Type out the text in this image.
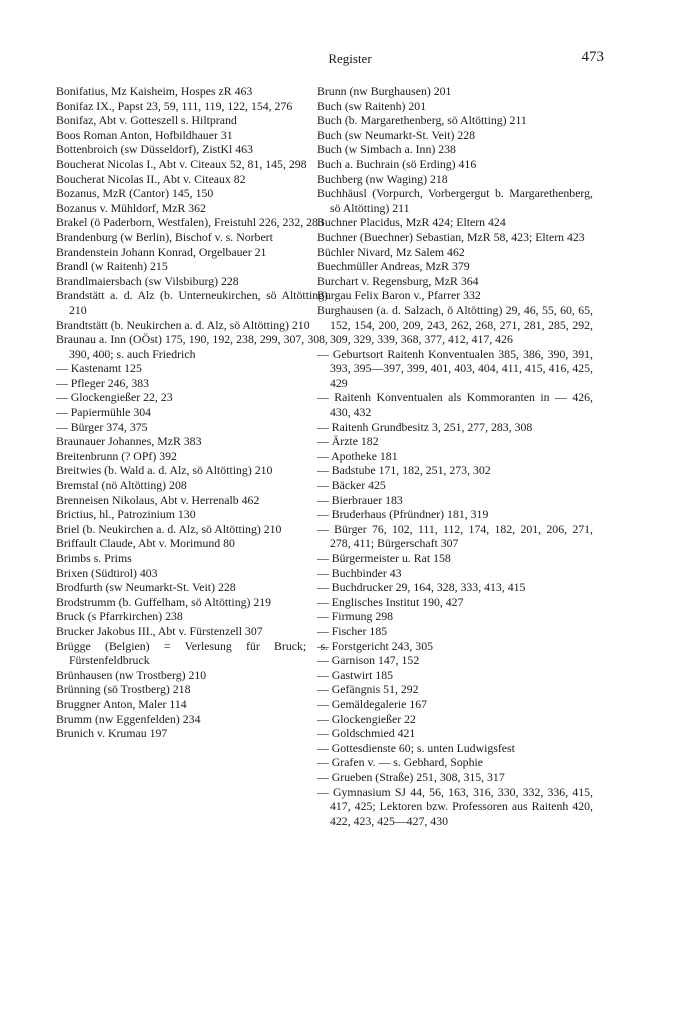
Register	473

Bonifatius, Mz Kaisheim, Hospes zR 463

Bonifaz IX., Papst 23, 59, 111, 119, 122, 154, 276

Bonifaz, Abt v. Gotteszell s. Hiltprand

Boos Roman Anton, Hofbildhauer 31

Bottenbroich (sw Düsseldorf), ZistKl 463

Boucherat Nicolas I., Abt v. Citeaux 52, 81, 145, 298

Boucherat Nicolas II., Abt v. Citeaux 82

Bozanus, MzR (Cantor) 145, 150

Bozanus v. Mühldorf, MzR 362

Brakel (ö Paderborn, Westfalen), Freistuhl 226, 232, 283

Brandenburg (w Berlin), Bischof v. s. Norbert

Brandenstein Johann Konrad, Orgelbauer 21

Brandl (w Raitenh) 215

Brandlmaiersbach (sw Vilsbiburg) 228

Brandstätt a. d. Alz (b. Unterneukirchen, sö Altötting) 210

Brandtstätt (b. Neukirchen a. d. Alz, sö Altötting) 210

Braunau a. Inn (OÖst) 175, 190, 192, 238, 299, 307, 308, 390, 400; s. auch Friedrich

— Kastenamt 125

— Pfleger 246, 383

— Glockengießer 22, 23

— Papiermühle 304

— Bürger 374, 375

Braunauer Johannes, MzR 383

Breitenbrunn (? OPf) 392

Breitwies (b. Wald a. d. Alz, sö Altötting) 210

Bremstal (nö Altötting) 208

Brenneisen Nikolaus, Abt v. Herrenalb 462

Brictius, hl., Patrozinium 130

Briel (b. Neukirchen a. d. Alz, sö Altötting) 210

Briffault Claude, Abt v. Morimund 80

Brimbs s. Prims

Brixen (Südtirol) 403

Brodfurth (sw Neumarkt-St. Veit) 228

Brodstrumm (b. Guffelham, sö Altötting) 219

Bruck (s Pfarrkirchen) 238

Brucker Jakobus III., Abt v. Fürstenzell 307

Brügge (Belgien) = Verlesung für Bruck; s. Fürstenfeldbruck

Brünhausen (nw Trostberg) 210

Brünning (sö Trostberg) 218

Bruggner Anton, Maler 114

Brumm (nw Eggenfelden) 234

Brunich v. Krumau 197

Brunn (nw Burghausen) 201

Buch (sw Raitenh) 201

Buch (b. Margarethenberg, sö Altötting) 211

Buch (sw Neumarkt-St. Veit) 228

Buch (w Simbach a. Inn) 238

Buch a. Buchrain (sö Erding) 416

Buchberg (nw Waging) 218

Buchhäusl (Vorpurch, Vorbergergut b. Margarethenberg, sö Altötting) 211

Buchner Placidus, MzR 424; Eltern 424

Buchner (Buechner) Sebastian, MzR 58, 423; Eltern 423

Büchler Nivard, Mz Salem 462

Buechmüller Andreas, MzR 379

Burchart v. Regensburg, MzR 364

Burgau Felix Baron v., Pfarrer 332

Burghausen (a. d. Salzach, ö Altötting) 29, 46, 55, 60, 65, 152, 154, 200, 209, 243, 262, 268, 271, 281, 285, 292, 309, 329, 339, 368, 377, 412, 417, 426

— Geburtsort Raitenh Konventualen 385, 386, 390, 391, 393, 395—397, 399, 401, 403, 404, 411, 415, 416, 425, 429

— Raitenh Konventualen als Kommoranten in — 426, 430, 432

— Raitenh Grundbesitz 3, 251, 277, 283, 308

— Ärzte 182

— Apotheke 181

— Badstube 171, 182, 251, 273, 302

— Bäcker 425

— Bierbrauer 183

— Bruderhaus (Pfründner) 181, 319

— Bürger 76, 102, 111, 112, 174, 182, 201, 206, 271, 278, 411; Bürgerschaft 307

— Bürgermeister u. Rat 158

— Buchbinder 43

— Buchdrucker 29, 164, 328, 333, 413, 415

— Englisches Institut 190, 427

— Firmung 298

— Fischer 185

— Forstgericht 243, 305

— Garnison 147, 152

— Gastwirt 185

— Gefängnis 51, 292

— Gemäldegalerie 167

— Glockengießer 22

— Goldschmied 421

— Gottesdienste 60; s. unten Ludwigsfest

— Grafen v. — s. Gebhard, Sophie

— Grueben (Straße) 251, 308, 315, 317

— Gymnasium SJ 44, 56, 163, 316, 330, 332, 336, 415, 417, 425; Lektoren bzw. Professoren aus Raitenh 420, 422, 423, 425—427, 430
